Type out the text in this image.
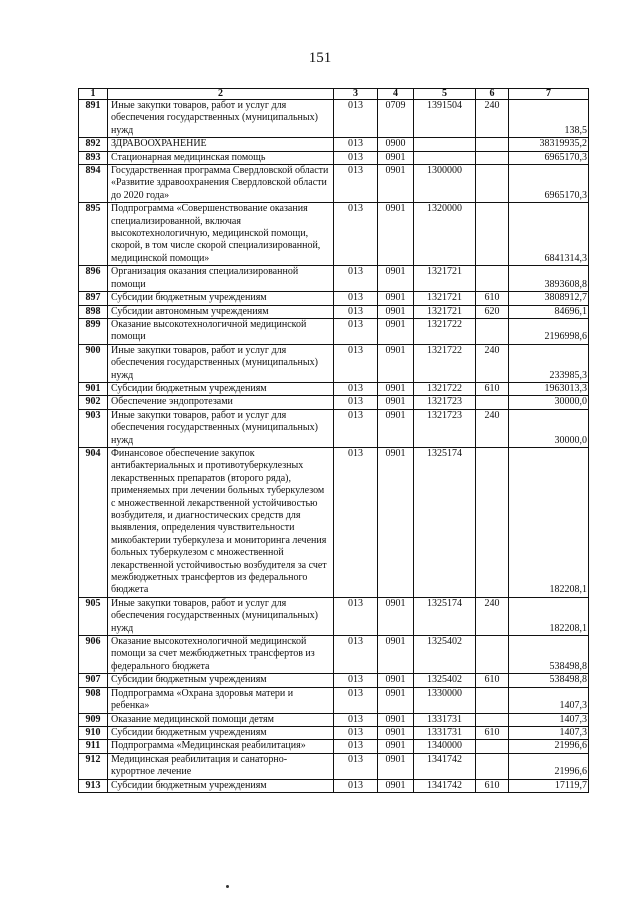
151
1	2	3	4	5	6	7
891	Иные закупки товаров, работ и услуг для обеспечения государственных (муниципальных) нужд	013	0709	1391504	240	138,5
892	ЗДРАВООХРАНЕНИЕ	013	0900			38319935,2
893	Стационарная медицинская помощь	013	0901			6965170,3
894	Государственная программа Свердловской области «Развитие здравоохранения Свердловской области до 2020 года»	013	0901	1300000		6965170,3
895	Подпрограмма «Совершенствование оказания специализированной, включая высокотехнологичную, медицинской помощи, скорой, в том числе скорой специализированной, медицинской помощи»	013	0901	1320000		6841314,3
896	Организация оказания специализированной помощи	013	0901	1321721		3893608,8
897	Субсидии бюджетным учреждениям	013	0901	1321721	610	3808912,7
898	Субсидии автономным учреждениям	013	0901	1321721	620	84696,1
899	Оказание высокотехнологичной медицинской помощи	013	0901	1321722		2196998,6
900	Иные закупки товаров, работ и услуг для обеспечения государственных (муниципальных) нужд	013	0901	1321722	240	233985,3
901	Субсидии бюджетным учреждениям	013	0901	1321722	610	1963013,3
902	Обеспечение эндопротезами	013	0901	1321723		30000,0
903	Иные закупки товаров, работ и услуг для обеспечения государственных (муниципальных) нужд	013	0901	1321723	240	30000,0
904	Финансовое обеспечение закупок антибактериальных и противотуберкулезных лекарственных препаратов (второго ряда), применяемых при лечении больных туберкулезом с множественной лекарственной устойчивостью возбудителя, и диагностических средств для выявления, определения чувствительности микобактерии туберкулеза и мониторинга лечения больных туберкулезом с множественной лекарственной устойчивостью возбудителя за счет межбюджетных трансфертов из федерального бюджета	013	0901	1325174		182208,1
905	Иные закупки товаров, работ и услуг для обеспечения государственных (муниципальных) нужд	013	0901	1325174	240	182208,1
906	Оказание высокотехнологичной медицинской помощи за счет межбюджетных трансфертов из федерального бюджета	013	0901	1325402		538498,8
907	Субсидии бюджетным учреждениям	013	0901	1325402	610	538498,8
908	Подпрограмма «Охрана здоровья матери и ребенка»	013	0901	1330000		1407,3
909	Оказание медицинской помощи детям	013	0901	1331731		1407,3
910	Субсидии бюджетным учреждениям	013	0901	1331731	610	1407,3
911	Подпрограмма «Медицинская реабилитация»	013	0901	1340000		21996,6
912	Медицинская реабилитация и санаторно-курортное лечение	013	0901	1341742		21996,6
913	Субсидии бюджетным учреждениям	013	0901	1341742	610	17119,7
